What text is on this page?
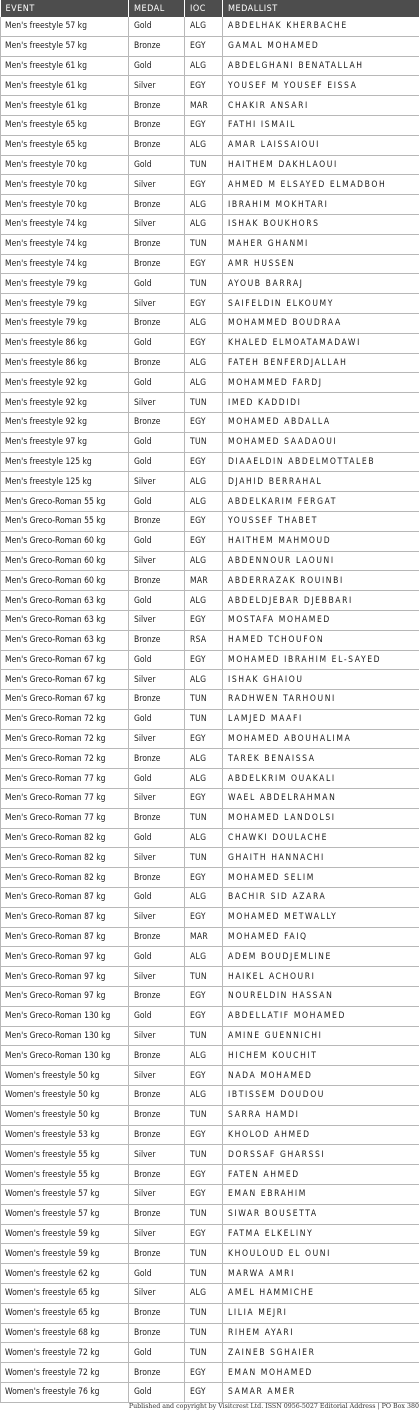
EVENT	MEDAL	IOC	MEDALLIST
Men's freestyle 57 kg	Gold	ALG	ABDELHAK KHERBACHE
Men's freestyle 57 kg	Bronze	EGY	GAMAL MOHAMED
Men's freestyle 61 kg	Gold	ALG	ABDELGHANI BENATALLAH
Men's freestyle 61 kg	Silver	EGY	YOUSEF M YOUSEF EISSA
Men's freestyle 61 kg	Bronze	MAR	CHAKIR ANSARI
Men's freestyle 65 kg	Bronze	EGY	FATHI ISMAIL
Men's freestyle 65 kg	Bronze	ALG	AMAR LAISSAIOUI
Men's freestyle 70 kg	Gold	TUN	HAITHEM DAKHLAOUI
Men's freestyle 70 kg	Silver	EGY	AHMED M ELSAYED ELMADBOH
Men's freestyle 70 kg	Bronze	ALG	IBRAHIM MOKHTARI
Men's freestyle 74 kg	Silver	ALG	ISHAK BOUKHORS
Men's freestyle 74 kg	Bronze	TUN	MAHER GHANMI
Men's freestyle 74 kg	Bronze	EGY	AMR HUSSEN
Men's freestyle 79 kg	Gold	TUN	AYOUB BARRAJ
Men's freestyle 79 kg	Silver	EGY	SAIFELDIN ELKOUMY
Men's freestyle 79 kg	Bronze	ALG	MOHAMMED BOUDRAA
Men's freestyle 86 kg	Gold	EGY	KHALED ELMOATAMADAWI
Men's freestyle 86 kg	Bronze	ALG	FATEH BENFERDJALLAH
Men's freestyle 92 kg	Gold	ALG	MOHAMMED FARDJ
Men's freestyle 92 kg	Silver	TUN	IMED KADDIDI
Men's freestyle 92 kg	Bronze	EGY	MOHAMED ABDALLA
Men's freestyle 97 kg	Gold	TUN	MOHAMED SAADAOUI
Men's freestyle 125 kg	Gold	EGY	DIAAELDIN ABDELMOTTALEB
Men's freestyle 125 kg	Silver	ALG	DJAHID BERRAHAL
Men's Greco-Roman 55 kg	Gold	ALG	ABDELKARIM FERGAT
Men's Greco-Roman 55 kg	Bronze	EGY	YOUSSEF THABET
Men's Greco-Roman 60 kg	Gold	EGY	HAITHEM MAHMOUD
Men's Greco-Roman 60 kg	Silver	ALG	ABDENNOUR LAOUNI
Men's Greco-Roman 60 kg	Bronze	MAR	ABDERRAZAK ROUINBI
Men's Greco-Roman 63 kg	Gold	ALG	ABDELDJEBAR DJEBBARI
Men's Greco-Roman 63 kg	Silver	EGY	MOSTAFA MOHAMED
Men's Greco-Roman 63 kg	Bronze	RSA	HAMED TCHOUFON
Men's Greco-Roman 67 kg	Gold	EGY	MOHAMED IBRAHIM EL-SAYED
Men's Greco-Roman 67 kg	Silver	ALG	ISHAK GHAIOU
Men's Greco-Roman 67 kg	Bronze	TUN	RADHWEN TARHOUNI
Men's Greco-Roman 72 kg	Gold	TUN	LAMJED MAAFI
Men's Greco-Roman 72 kg	Silver	EGY	MOHAMED ABOUHALIMA
Men's Greco-Roman 72 kg	Bronze	ALG	TAREK BENAISSA
Men's Greco-Roman 77 kg	Gold	ALG	ABDELKRIM OUAKALI
Men's Greco-Roman 77 kg	Silver	EGY	WAEL ABDELRAHMAN
Men's Greco-Roman 77 kg	Bronze	TUN	MOHAMED LANDOLSI
Men's Greco-Roman 82 kg	Gold	ALG	CHAWKI DOULACHE
Men's Greco-Roman 82 kg	Silver	TUN	GHAITH HANNACHI
Men's Greco-Roman 82 kg	Bronze	EGY	MOHAMED SELIM
Men's Greco-Roman 87 kg	Gold	ALG	BACHIR SID AZARA
Men's Greco-Roman 87 kg	Silver	EGY	MOHAMED METWALLY
Men's Greco-Roman 87 kg	Bronze	MAR	MOHAMED FAIQ
Men's Greco-Roman 97 kg	Gold	ALG	ADEM BOUDJEMLINE
Men's Greco-Roman 97 kg	Silver	TUN	HAIKEL ACHOURI
Men's Greco-Roman 97 kg	Bronze	EGY	NOURELDIN HASSAN
Men's Greco-Roman 130 kg	Gold	EGY	ABDELLATIF MOHAMED
Men's Greco-Roman 130 kg	Silver	TUN	AMINE GUENNICHI
Men's Greco-Roman 130 kg	Bronze	ALG	HICHEM KOUCHIT
Women's freestyle 50 kg	Silver	EGY	NADA MOHAMED
Women's freestyle 50 kg	Bronze	ALG	IBTISSEM DOUDOU
Women's freestyle 50 kg	Bronze	TUN	SARRA HAMDI
Women's freestyle 53 kg	Bronze	EGY	KHOLOD AHMED
Women's freestyle 55 kg	Silver	TUN	DORSSAF GHARSSI
Women's freestyle 55 kg	Bronze	EGY	FATEN AHMED
Women's freestyle 57 kg	Silver	EGY	EMAN EBRAHIM
Women's freestyle 57 kg	Bronze	TUN	SIWAR BOUSETTA
Women's freestyle 59 kg	Silver	EGY	FATMA ELKELINY
Women's freestyle 59 kg	Bronze	TUN	KHOULOUD EL OUNI
Women's freestyle 62 kg	Gold	TUN	MARWA AMRI
Women's freestyle 65 kg	Silver	ALG	AMEL HAMMICHE
Women's freestyle 65 kg	Bronze	TUN	LILIA MEJRI
Women's freestyle 68 kg	Bronze	TUN	RIHEM AYARI
Women's freestyle 72 kg	Gold	TUN	ZAINEB SGHAIER
Women's freestyle 72 kg	Bronze	EGY	EMAN MOHAMED
Women's freestyle 76 kg	Gold	EGY	SAMAR AMER
Published and copyright by Visitcrest Ltd. ISSN 0956-5027 Editorial Address | PO Box 380
